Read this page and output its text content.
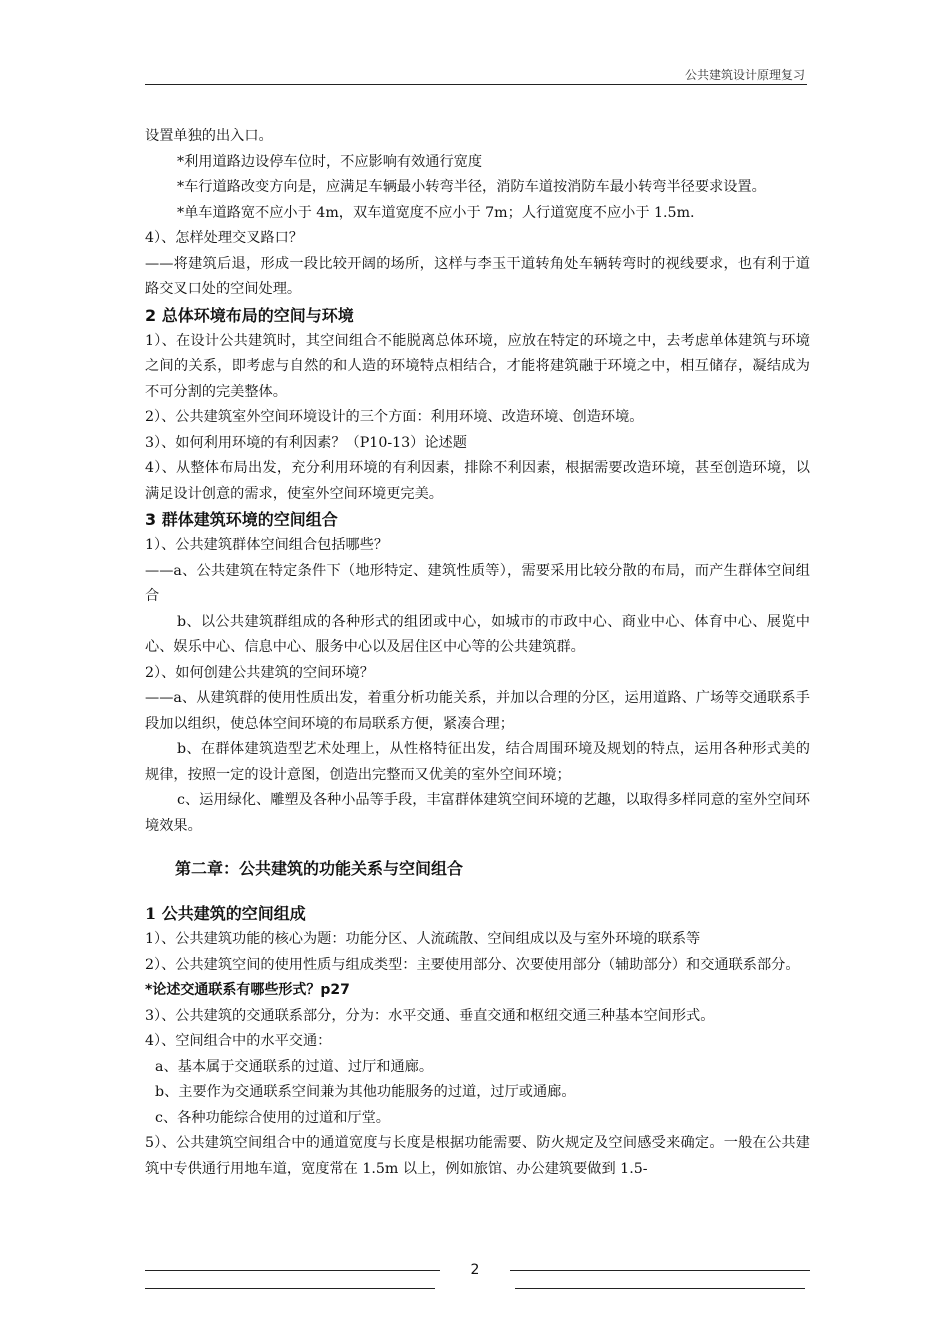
公共建筑设计原理复习

设置单独的出入口。

*利用道路边设停车位时，不应影响有效通行宽度

*车行道路改变方向是，应满足车辆最小转弯半径，消防车道按消防车最小转弯半径要求设置。

*单车道路宽不应小于 4m，双车道宽度不应小于 7m；人行道宽度不应小于 1.5m.

4）、怎样处理交叉路口？

——将建筑后退，形成一段比较开阔的场所，这样与李玉干道转角处车辆转弯时的视线要求，也有利于道路交叉口处的空间处理。

2 总体环境布局的空间与环境

1）、在设计公共建筑时，其空间组合不能脱离总体环境，应放在特定的环境之中，去考虑单体建筑与环境之间的关系，即考虑与自然的和人造的环境特点相结合，才能将建筑融于环境之中，相互储存，凝结成为不可分割的完美整体。

2）、公共建筑室外空间环境设计的三个方面：利用环境、改造环境、创造环境。

3）、如何利用环境的有利因素？（P10-13）论述题

4）、从整体布局出发，充分利用环境的有利因素，排除不利因素，根据需要改造环境，甚至创造环境，以满足设计创意的需求，使室外空间环境更完美。

3 群体建筑环境的空间组合

1）、公共建筑群体空间组合包括哪些？

——a、公共建筑在特定条件下（地形特定、建筑性质等），需要采用比较分散的布局，而产生群体空间组合

b、以公共建筑群组成的各种形式的组团或中心，如城市的市政中心、商业中心、体育中心、展览中心、娱乐中心、信息中心、服务中心以及居住区中心等的公共建筑群。

2）、如何创建公共建筑的空间环境？

——a、从建筑群的使用性质出发，着重分析功能关系，并加以合理的分区，运用道路、广场等交通联系手段加以组织，使总体空间环境的布局联系方便，紧凑合理；

b、在群体建筑造型艺术处理上，从性格特征出发，结合周围环境及规划的特点，运用各种形式美的规律，按照一定的设计意图，创造出完整而又优美的室外空间环境；

c、运用绿化、雕塑及各种小品等手段，丰富群体建筑空间环境的艺趣，以取得多样同意的室外空间环境效果。

第二章：公共建筑的功能关系与空间组合

1 公共建筑的空间组成

1）、公共建筑功能的核心为题：功能分区、人流疏散、空间组成以及与室外环境的联系等

2）、公共建筑空间的使用性质与组成类型：主要使用部分、次要使用部分（辅助部分）和交通联系部分。

*论述交通联系有哪些形式？p27

3）、公共建筑的交通联系部分，分为：水平交通、垂直交通和枢纽交通三种基本空间形式。

4）、空间组合中的水平交通：

a、基本属于交通联系的过道、过厅和通廊。

b、主要作为交通联系空间兼为其他功能服务的过道，过厅或通廊。

c、各种功能综合使用的过道和厅堂。

5）、公共建筑空间组合中的通道宽度与长度是根据功能需要、防火规定及空间感受来确定。一般在公共建筑中专供通行用地车道，宽度常在 1.5m 以上，例如旅馆、办公建筑要做到 1.5-

2
